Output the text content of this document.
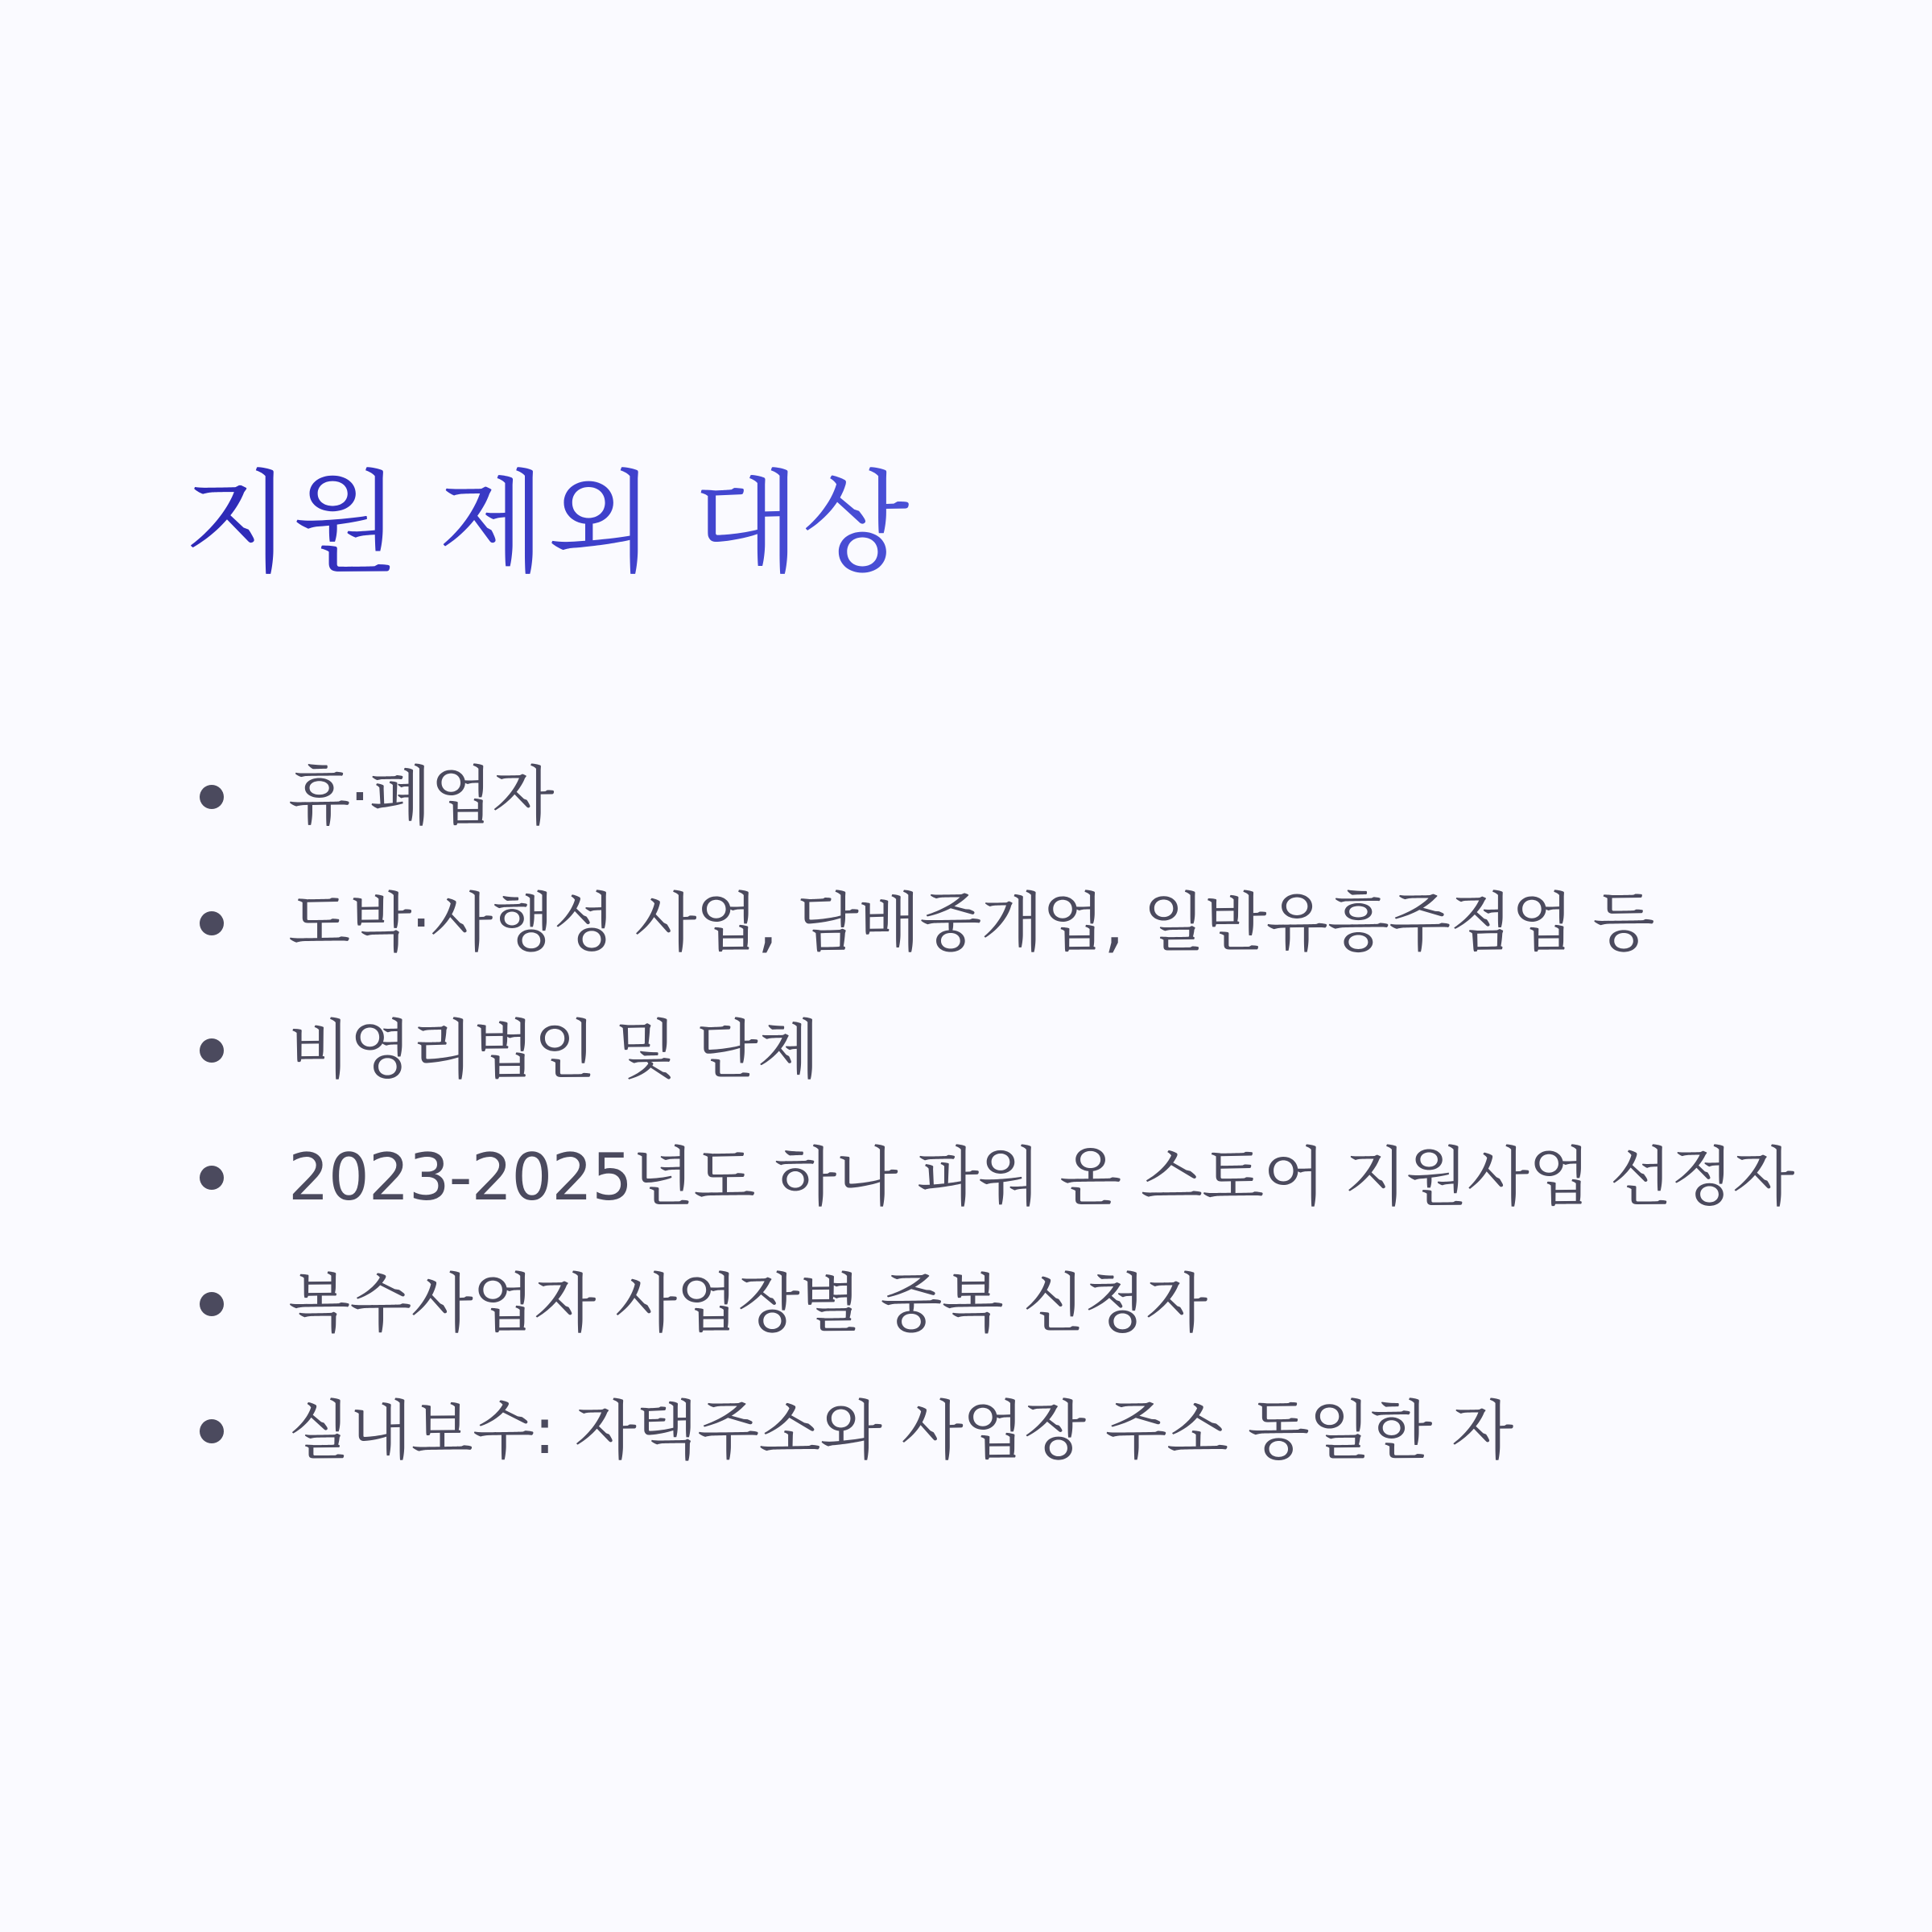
지원 제외 대상
휴·폐업자
도박·사행성 사업, 담배중개업, 일반유흥주점업 등
비영리법인 및 단체
2023-2025년도 하나 파워 온 스토어 지원사업 선정자
복수사업자 사업장별 중복 신청자
실내보수: 자택주소와 사업장 주소 동일한 자
